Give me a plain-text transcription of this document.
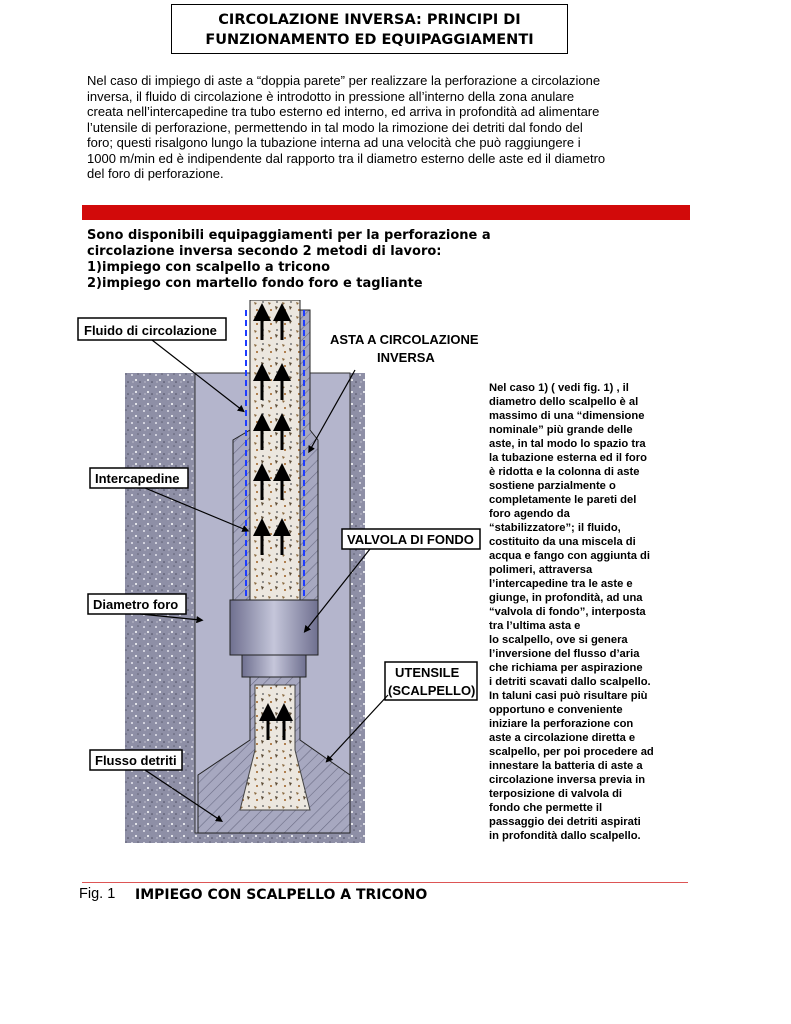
CIRCOLAZIONE INVERSA: PRINCIPI DI
FUNZIONAMENTO ED EQUIPAGGIAMENTI
Nel caso di impiego di aste a “doppia parete” per realizzare la perforazione a circolazione
inversa, il fluido di circolazione è introdotto in pressione all’interno della zona anulare
creata nell’intercapedine tra tubo esterno ed interno, ed arriva in profondità ad alimentare
l’utensile di perforazione, permettendo in tal modo la rimozione dei detriti dal fondo del
foro; questi risalgono lungo la tubazione interna ad una velocità che può raggiungere i
1000 m/min ed è indipendente dal rapporto tra il diametro esterno delle aste ed il diametro
del foro di perforazione.
Sono disponibili equipaggiamenti per la perforazione a
circolazione inversa secondo 2 metodi di lavoro:
1)impiego con scalpello a tricono
2)impiego con martello fondo foro e tagliante
Fluido di circolazione
ASTA A CIRCOLAZIONE
INVERSA
Intercapedine
VALVOLA DI FONDO
Diametro foro
UTENSILE
(SCALPELLO)
Flusso detriti
Nel caso 1) ( vedi fig. 1) , il
diametro dello scalpello è al
massimo di una “dimensione
nominale” più grande delle
aste, in tal modo lo spazio tra
la tubazione esterna ed il foro
è ridotta e la colonna di aste
sostiene parzialmente o
completamente le pareti del
foro agendo da
“stabilizzatore”; il fluido,
costituito da una miscela di
acqua e fango con aggiunta di
polimeri, attraversa
l’intercapedine tra le aste e
giunge, in profondità, ad una
“valvola di fondo”, interposta
tra l’ultima asta e
lo scalpello, ove si genera
l’inversione del flusso d’aria
che richiama per aspirazione
i detriti scavati dallo scalpello.
In taluni casi può risultare più
opportuno e conveniente
iniziare la perforazione con
aste a circolazione diretta e
scalpello, per poi procedere ad
innestare la batteria di aste a
circolazione inversa previa in
terposizione di valvola di
fondo che permette il
passaggio dei detriti aspirati
in profondità dallo scalpello.
Fig. 1 IMPIEGO CON SCALPELLO A TRICONO
